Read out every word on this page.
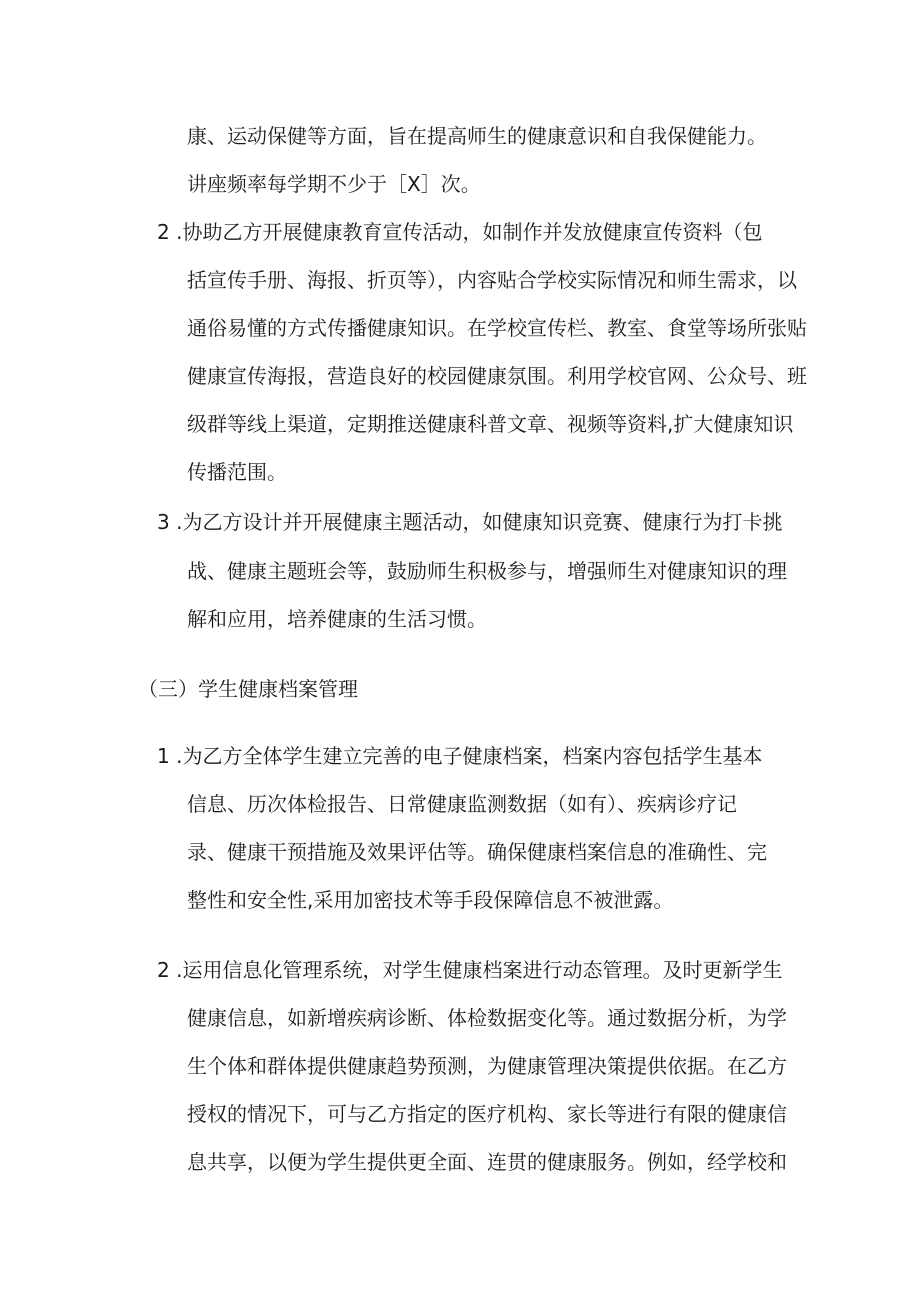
康、运动保健等方面，旨在提高师生的健康意识和自我保健能力。
讲座频率每学期不少于［X］次。
2 .协助乙方开展健康教育宣传活动，如制作并发放健康宣传资料（包
括宣传手册、海报、折页等），内容贴合学校实际情况和师生需求，以
通俗易懂的方式传播健康知识。在学校宣传栏、教室、食堂等场所张贴
健康宣传海报，营造良好的校园健康氛围。利用学校官网、公众号、班
级群等线上渠道，定期推送健康科普文章、视频等资料,扩大健康知识
传播范围。
3 .为乙方设计并开展健康主题活动，如健康知识竞赛、健康行为打卡挑
战、健康主题班会等，鼓励师生积极参与，增强师生对健康知识的理
解和应用，培养健康的生活习惯。
（三）学生健康档案管理
1 .为乙方全体学生建立完善的电子健康档案，档案内容包括学生基本
信息、历次体检报告、日常健康监测数据（如有）、疾病诊疗记
录、健康干预措施及效果评估等。确保健康档案信息的准确性、完
整性和安全性,采用加密技术等手段保障信息不被泄露。
2 .运用信息化管理系统，对学生健康档案进行动态管理。及时更新学生
健康信息，如新增疾病诊断、体检数据变化等。通过数据分析，为学
生个体和群体提供健康趋势预测，为健康管理决策提供依据。在乙方
授权的情况下，可与乙方指定的医疗机构、家长等进行有限的健康信
息共享，以便为学生提供更全面、连贯的健康服务。例如，经学校和
